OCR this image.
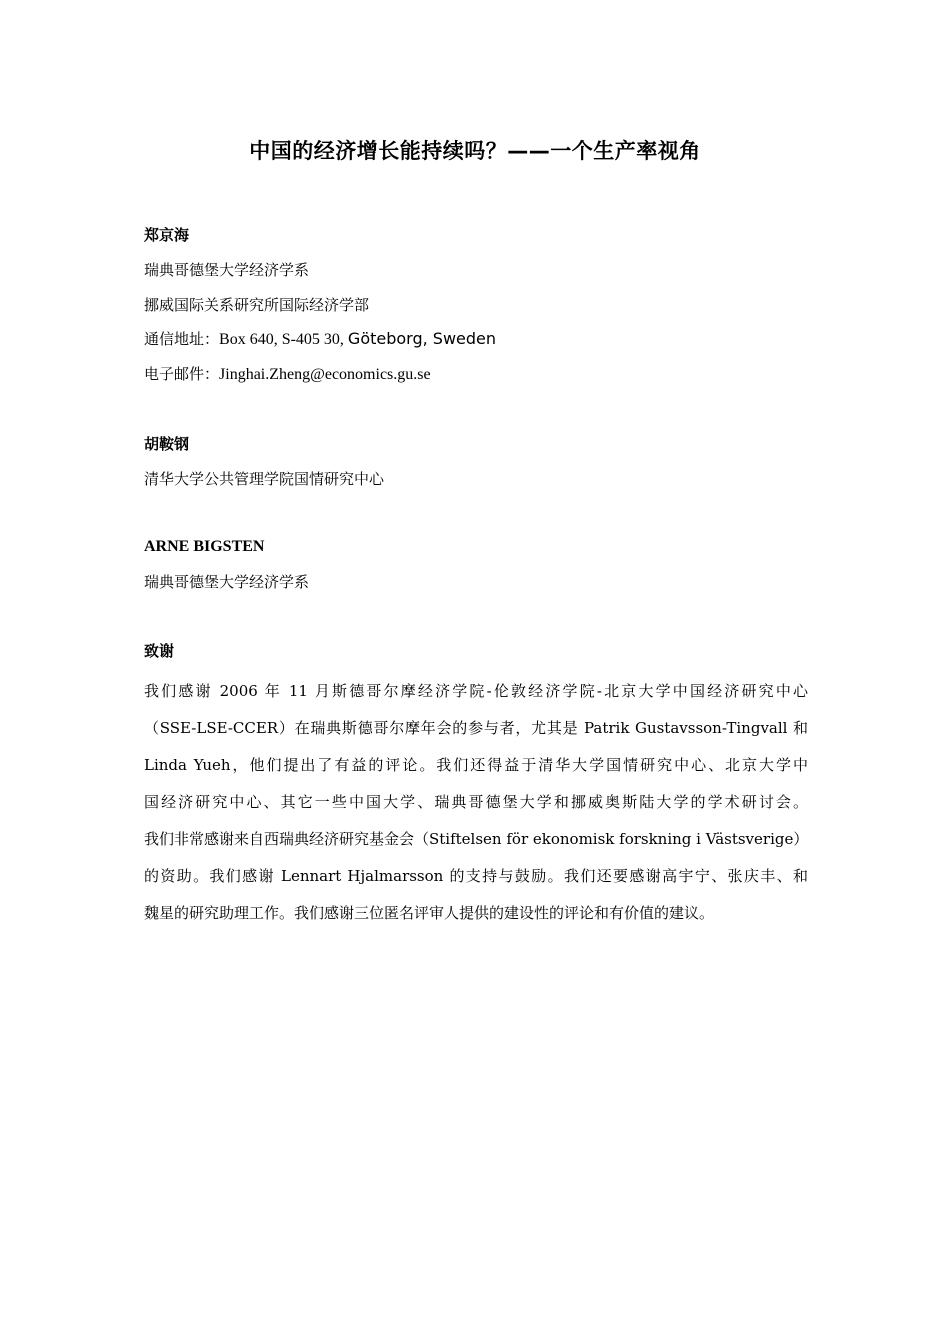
中国的经济增长能持续吗？——一个生产率视角
郑京海
瑞典哥德堡大学经济学系
挪威国际关系研究所国际经济学部
通信地址：Box 640, S-405 30, Göteborg, Sweden
电子邮件：Jinghai.Zheng@economics.gu.se
胡鞍钢
清华大学公共管理学院国情研究中心
ARNE BIGSTEN
瑞典哥德堡大学经济学系
致谢
我们感谢 2006 年 11 月斯德哥尔摩经济学院-伦敦经济学院-北京大学中国经济研究中心
（SSE-LSE-CCER）在瑞典斯德哥尔摩年会的参与者，尤其是 Patrik Gustavsson-Tingvall 和
Linda Yueh，他们提出了有益的评论。我们还得益于清华大学国情研究中心、北京大学中
国经济研究中心、其它一些中国大学、瑞典哥德堡大学和挪威奥斯陆大学的学术研讨会。
我们非常感谢来自西瑞典经济研究基金会（Stiftelsen för ekonomisk forskning i Västsverige）
的资助。我们感谢 Lennart Hjalmarsson 的支持与鼓励。我们还要感谢高宇宁、张庆丰、和
魏星的研究助理工作。我们感谢三位匿名评审人提供的建设性的评论和有价值的建议。
